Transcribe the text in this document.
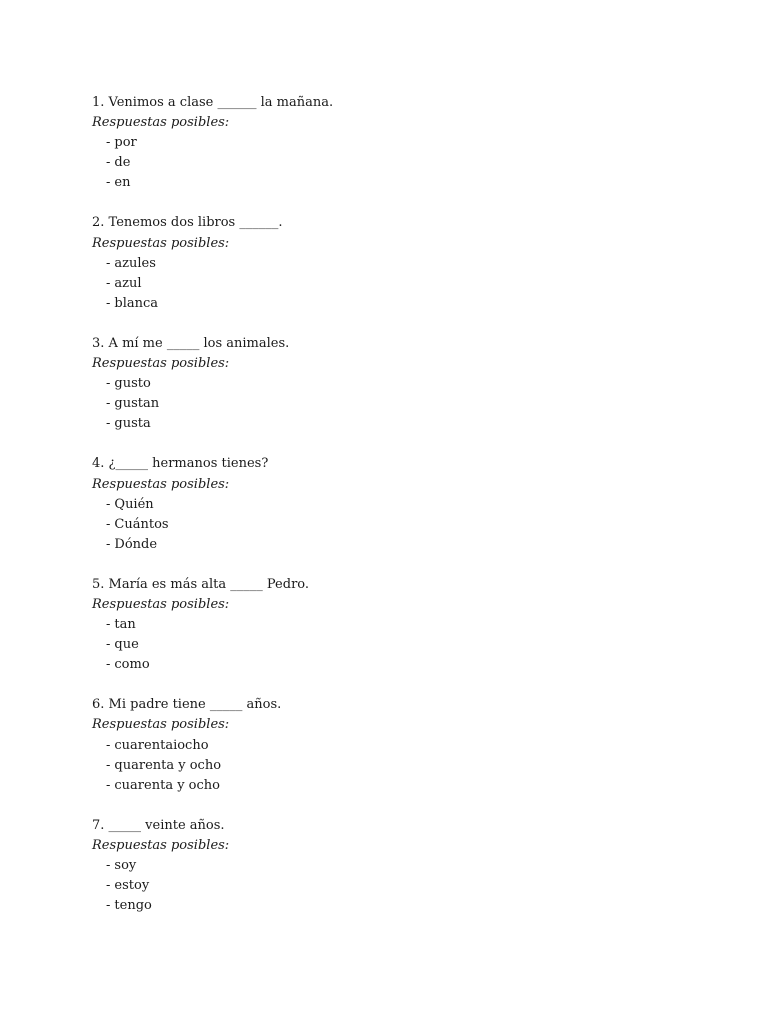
1. Venimos a clase ______ la mañana.
Respuestas posibles:
- por
- de
- en
2. Tenemos dos libros ______.
Respuestas posibles:
- azules
- azul
- blanca
3. A mí me _____ los animales.
Respuestas posibles:
- gusto
- gustan
- gusta
4. ¿_____ hermanos tienes?
Respuestas posibles:
- Quién
- Cuántos
- Dónde
5. María es más alta _____ Pedro.
Respuestas posibles:
- tan
- que
- como
6. Mi padre tiene _____ años.
Respuestas posibles:
- cuarentaiocho
- quarenta y ocho
- cuarenta y ocho
7. _____ veinte años.
Respuestas posibles:
- soy
- estoy
- tengo
